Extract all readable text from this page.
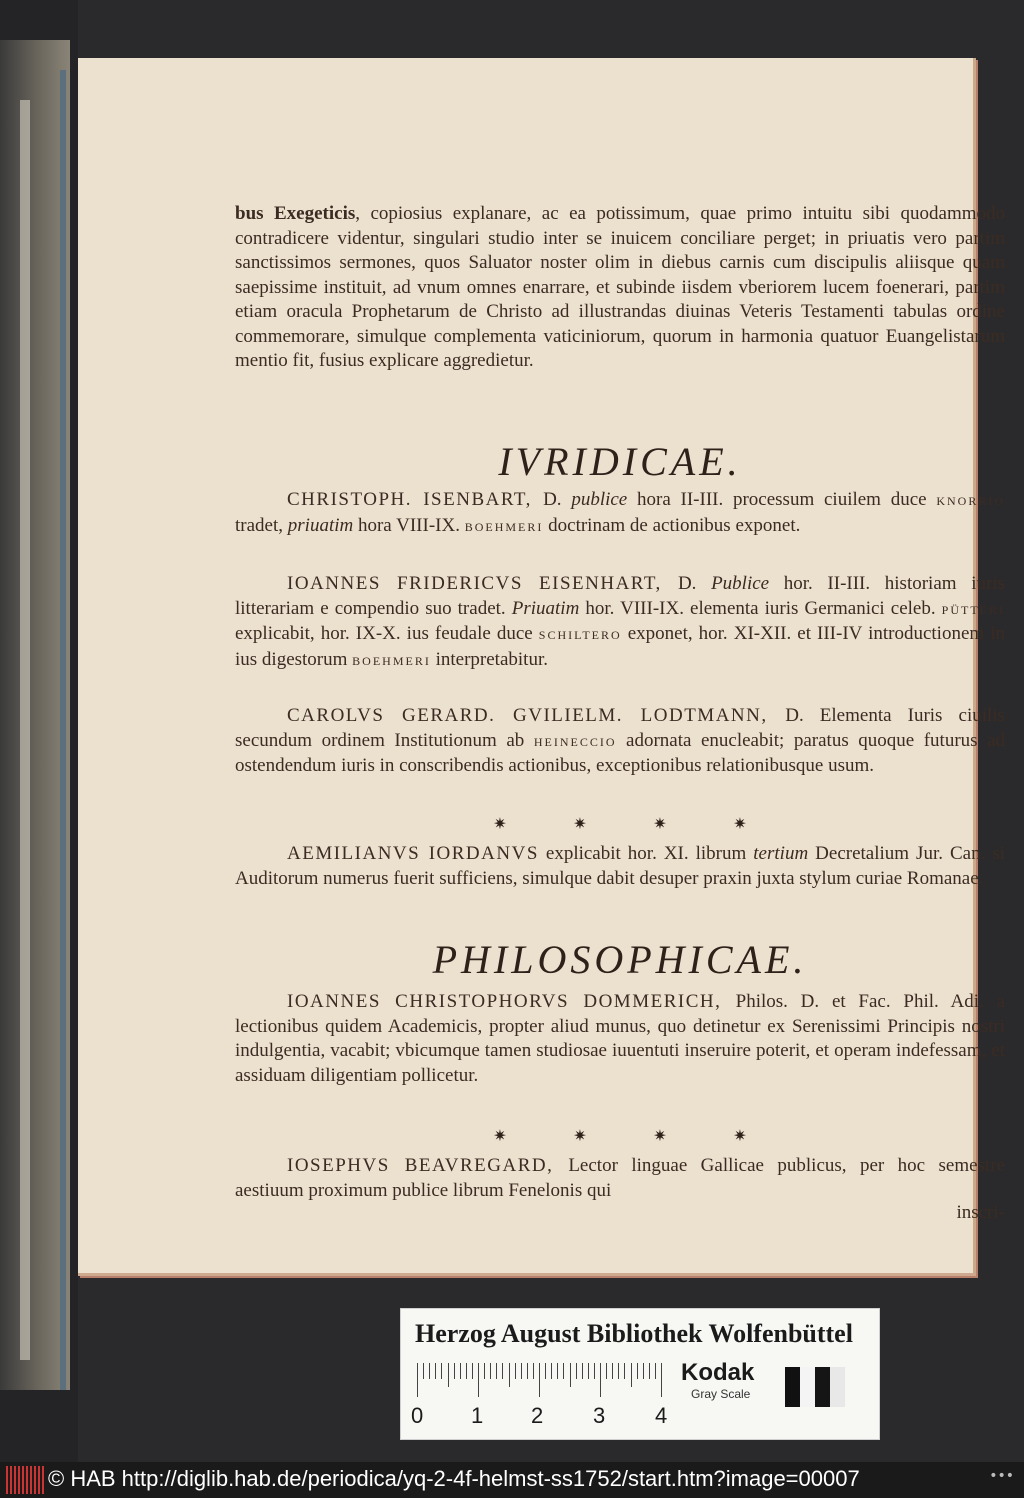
bus Exegeticis, copiosius explanare, ac ea potissimum, quae primo intuitu sibi quodammodo contradicere videntur, singulari studio inter se inuicem conciliare perget; in priuatis vero partim sanctissimos sermones, quos Saluator noster olim in diebus carnis cum discipulis aliisque quam saepissime instituit, ad vnum omnes enarrare, et subinde iisdem vberiorem lucem foenerari, partim etiam oracula Prophetarum de Christo ad illustrandas diuinas Veteris Testamenti tabulas ordine commemorare, simulque complementa vaticiniorum, quorum in harmonia quatuor Euangelistarum mentio fit, fusius explicare aggredietur.

IVRIDICAE.

CHRISTOPH. ISENBART, D. publice hora II-III. processum ciuilem duce KNORRIO tradet, priuatim hora VIII-IX. BOEHMERI doctrinam de actionibus exponet.

IOANNES FRIDERICVS EISENHART, D. Publice hor. II-III. historiam iuris litterariam e compendio suo tradet. Priuatim hor. VIII-IX. elementa iuris Germanici celeb. PÜTTERI explicabit, hor. IX-X. ius feudale duce SCHILTERO exponet, hor. XI-XII. et III-IV introductionem in ius digestorum BOEHMERI interpretabitur.

CAROLVS GERARD. GVILIELM. LODTMANN, D. Elementa Iuris ciuilis secundum ordinem Institutionum ab HEINECCIO adornata enucleabit; paratus quoque futurus ad ostendendum iuris in conscribendis actionibus, exceptionibus relationibusque usum.

✷	✷	✷	✷

AEMILIANVS IORDANVS explicabit hor. XI. librum tertium Decretalium Jur. Can. si Auditorum numerus fuerit sufficiens, simulque dabit desuper praxin juxta stylum curiae Romanae.

PHILOSOPHICAE.

IOANNES CHRISTOPHORVS DOMMERICH, Philos. D. et Fac. Phil. Adi. a lectionibus quidem Academicis, propter aliud munus, quo detinetur ex Serenissimi Principis nostri indulgentia, vacabit; vbicumque tamen studiosae iuuentuti inseruire poterit, et operam indefessam, et assiduam diligentiam pollicetur.

✷	✷	✷	✷

IOSEPHVS BEAVREGARD, Lector linguae Gallicae publicus, per hoc semestre aestiuum proximum publice librum Fenelonis qui

inscri-
Herzog August Bibliothek Wolfenbüttel
0 1 2 3 4
Kodak
Gray Scale
© HAB http://diglib.hab.de/periodica/yq-2-4f-helmst-ss1752/start.htm?image=00007	•••
